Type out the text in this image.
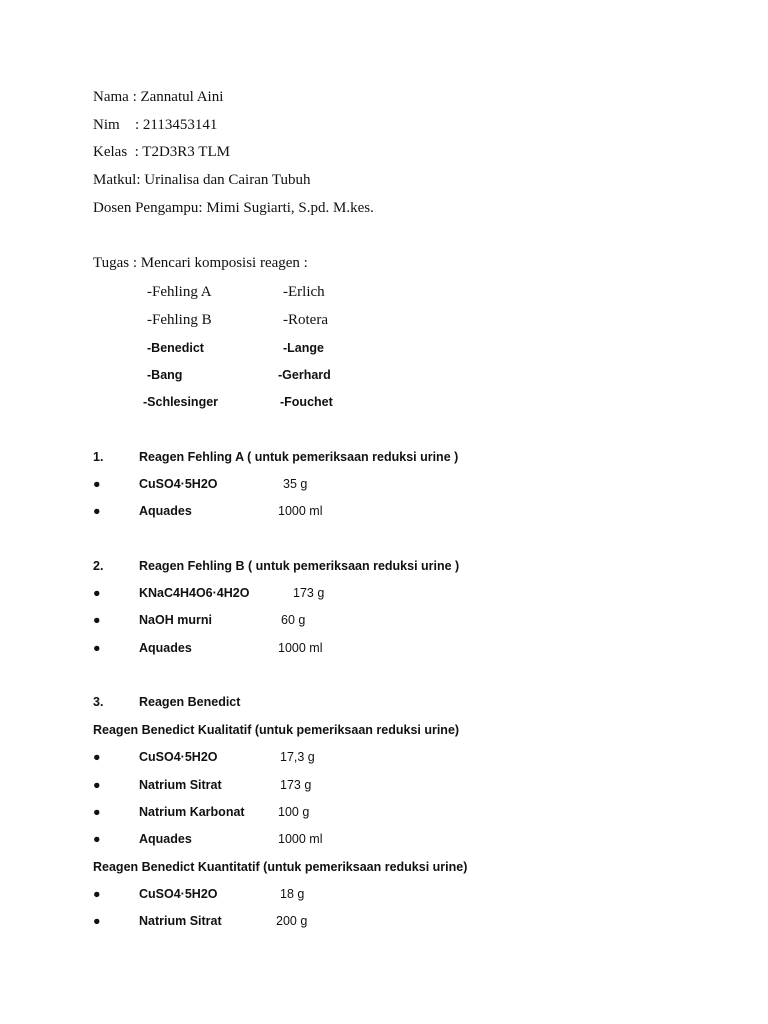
Nama : Zannatul Aini
Nim : 2113453141
Kelas  : T2D3R3 TLM
Matkul: Urinalisa dan Cairan Tubuh
Dosen Pengampu: Mimi Sugiarti, S.pd. M.kes.
Tugas : Mencari komposisi reagen :
-Fehling A	-Erlich
-Fehling B	-Rotera
-Benedict	-Lange
-Bang	-Gerhard
-Schlesinger	-Fouchet
1.	Reagen Fehling A ( untuk pemeriksaan reduksi urine )
●	CuSO4·5H2O	35 g
●	Aquades	1000 ml
2.	Reagen Fehling B ( untuk pemeriksaan reduksi urine )
●	KNaC4H4O6·4H2O	173 g
●	NaOH murni	60 g
●	Aquades	1000 ml
3.	Reagen Benedict
Reagen Benedict Kualitatif (untuk pemeriksaan reduksi urine)
●	CuSO4·5H2O	17,3 g
●	Natrium Sitrat	173 g
●	Natrium Karbonat	100 g
●	Aquades	1000 ml
Reagen Benedict Kuantitatif (untuk pemeriksaan reduksi urine)
●	CuSO4·5H2O	18 g
●	Natrium Sitrat	200 g
